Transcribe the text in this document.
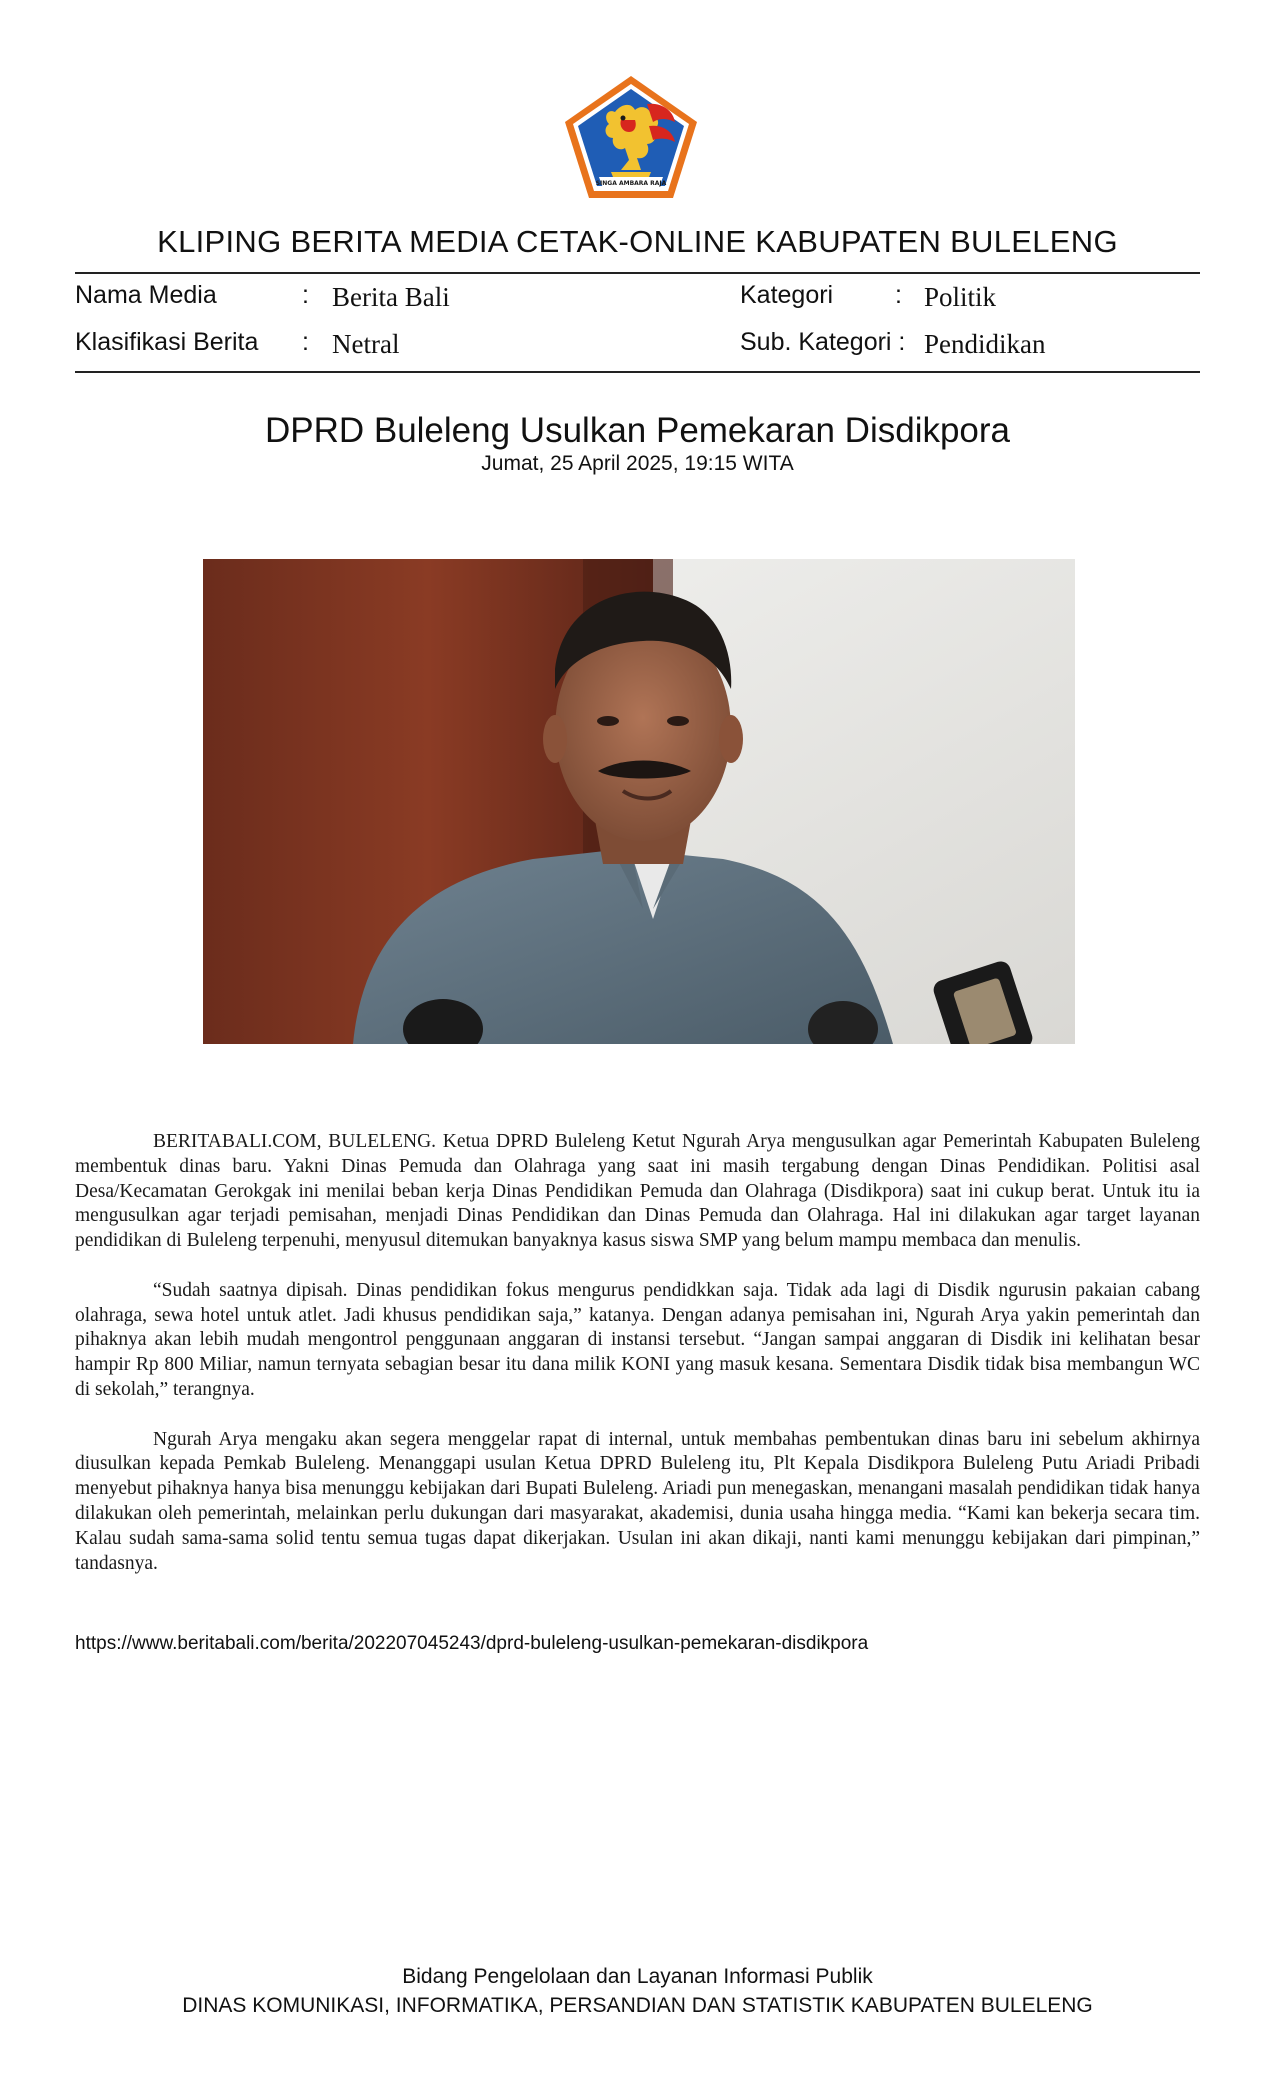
SINGA AMBARA RAJA
KLIPING BERITA MEDIA CETAK-ONLINE KABUPATEN BULELENG
Nama Media	: Berita Bali	Kategori : Politik
Klasifikasi Berita : Netral	Sub. Kategori : Pendidikan
DPRD Buleleng Usulkan Pemekaran Disdikpora
Jumat, 25 April 2025, 19:15 WITA

BERITABALI.COM, BULELENG. Ketua DPRD Buleleng Ketut Ngurah Arya mengusulkan agar Pemerintah Kabupaten Buleleng membentuk dinas baru. Yakni Dinas Pemuda dan Olahraga yang saat ini masih tergabung dengan Dinas Pendidikan. Politisi asal Desa/Kecamatan Gerokgak ini menilai beban kerja Dinas Pendidikan Pemuda dan Olahraga (Disdikpora) saat ini cukup berat. Untuk itu ia mengusulkan agar terjadi pemisahan, menjadi Dinas Pendidikan dan Dinas Pemuda dan Olahraga. Hal ini dilakukan agar target layanan pendidikan di Buleleng terpenuhi, menyusul ditemukan banyaknya kasus siswa SMP yang belum mampu membaca dan menulis.

“Sudah saatnya dipisah. Dinas pendidikan fokus mengurus pendidkkan saja. Tidak ada lagi di Disdik ngurusin pakaian cabang olahraga, sewa hotel untuk atlet. Jadi khusus pendidikan saja,” katanya. Dengan adanya pemisahan ini, Ngurah Arya yakin pemerintah dan pihaknya akan lebih mudah mengontrol penggunaan anggaran di instansi tersebut. “Jangan sampai anggaran di Disdik ini kelihatan besar hampir Rp 800 Miliar, namun ternyata sebagian besar itu dana milik KONI yang masuk kesana. Sementara Disdik tidak bisa membangun WC di sekolah,” terangnya.

Ngurah Arya mengaku akan segera menggelar rapat di internal, untuk membahas pembentukan dinas baru ini sebelum akhirnya diusulkan kepada Pemkab Buleleng. Menanggapi usulan Ketua DPRD Buleleng itu, Plt Kepala Disdikpora Buleleng Putu Ariadi Pribadi menyebut pihaknya hanya bisa menunggu kebijakan dari Bupati Buleleng. Ariadi pun menegaskan, menangani masalah pendidikan tidak hanya dilakukan oleh pemerintah, melainkan perlu dukungan dari masyarakat, akademisi, dunia usaha hingga media. “Kami kan bekerja secara tim. Kalau sudah sama-sama solid tentu semua tugas dapat dikerjakan. Usulan ini akan dikaji, nanti kami menunggu kebijakan dari pimpinan,” tandasnya.

https://www.beritabali.com/berita/202207045243/dprd-buleleng-usulkan-pemekaran-disdikpora
Bidang Pengelolaan dan Layanan Informasi Publik
DINAS KOMUNIKASI, INFORMATIKA, PERSANDIAN DAN STATISTIK KABUPATEN BULELENG
